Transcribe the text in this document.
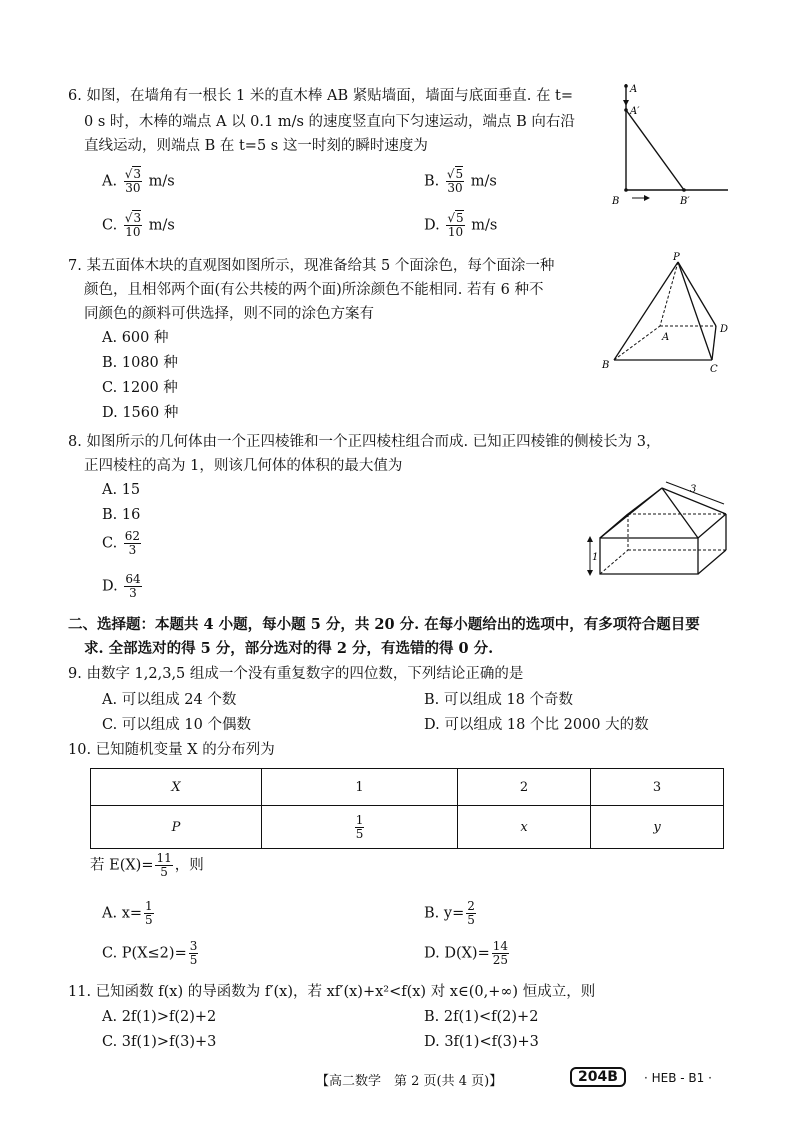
6. 如图，在墙角有一根长 1 米的直木棒 AB 紧贴墙面，墙面与底面垂直. 在 t=
0 s 时，木棒的端点 A 以 0.1 m/s 的速度竖直向下匀速运动，端点 B 向右沿
直线运动，则端点 B 在 t=5 s 这一时刻的瞬时速度为
A. $\frac{√3}{30} m/s$	B. $\frac{√5}{30} m/s$
C. $\frac{√3}{10} m/s$	D. $\frac{√5}{10} m/s$
A
A′
B	B′
7. 某五面体木块的直观图如图所示，现准备给其 5 个面涂色，每个面涂一种
颜色，且相邻两个面(有公共棱的两个面)所涂颜色不能相同. 若有 6 种不
同颜色的颜料可供选择，则不同的涂色方案有
A. 600 种
B. 1080 种
C. 1200 种
D. 1560 种
P
A
B	C
D
8. 如图所示的几何体由一个正四棱锥和一个正四棱柱组合而成. 已知正四棱锥的侧棱长为 3，
正四棱柱的高为 1，则该几何体的体积的最大值为
A. 15
B. 16
C. $\frac{62}{3}$
D. $\frac{64}{3}$
1
3
二、选择题：本题共 4 小题，每小题 5 分，共 20 分. 在每小题给出的选项中，有多项符合题目要
求. 全部选对的得 5 分，部分选对的得 2 分，有选错的得 0 分.
9. 由数字 1,2,3,5 组成一个没有重复数字的四位数，下列结论正确的是
A. 可以组成 24 个数	B. 可以组成 18 个奇数
C. 可以组成 10 个偶数	D. 可以组成 18 个比 2000 大的数
10. 已知随机变量 X 的分布列为
X	1	2	3
P	$\frac{1}{5}$	x	y
若 $E(X)= \frac{11}{5}$ ，则
A. $x= \frac{1}{5}$	B. $y= \frac{2}{5}$
C. $P(X\le 2)= \frac{3}{5}$	D. $D(X)= \frac{14}{25}$
11. 已知函数 f(x) 的导函数为 f′(x)，若 xf′(x)+x²<f(x) 对 x∈(0,+∞) 恒成立，则
A. 2f(1)>f(2)+2	B. 2f(1)<f(2)+2
C. 3f(1)>f(3)+3	D. 3f(1)<f(3)+3
【高二数学　第 2 页(共 4 页)】	204B	· HEB - B1 ·
